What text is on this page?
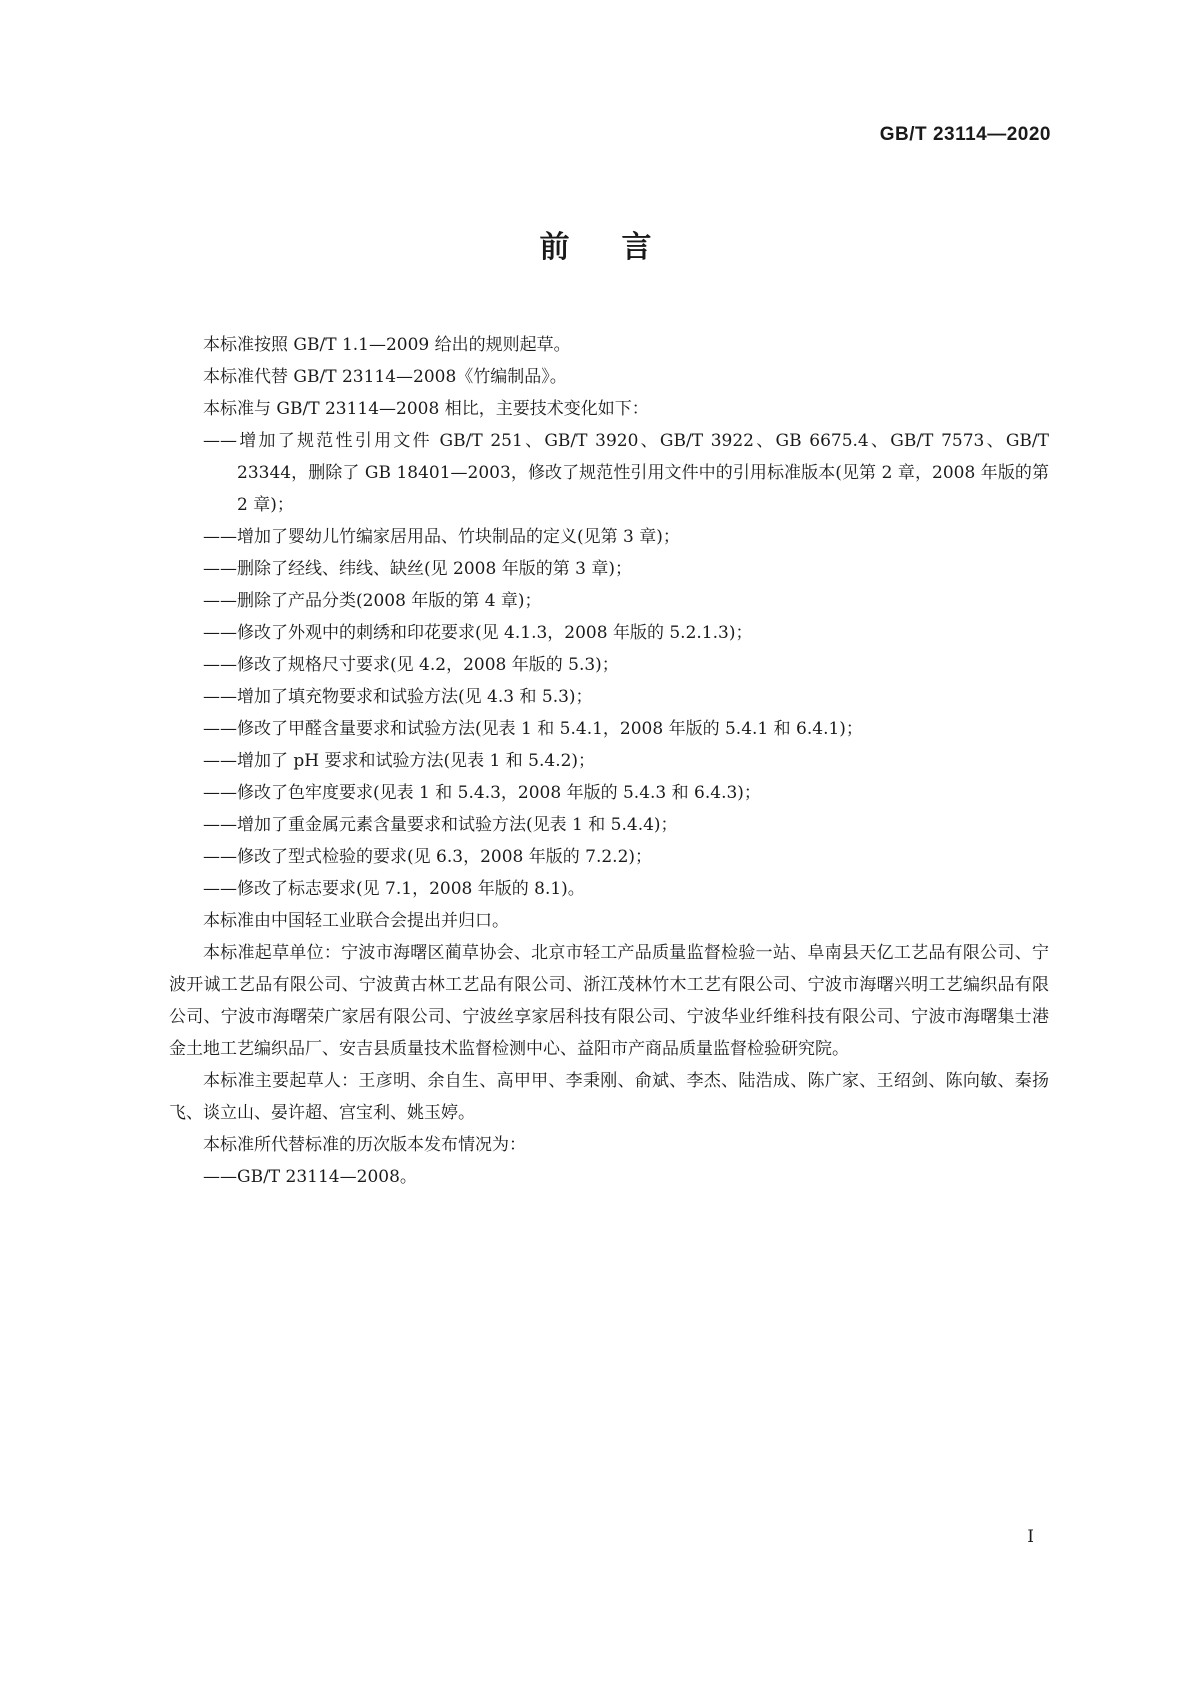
GB/T 23114—2020
前言

本标准按照 GB/T 1.1—2009 给出的规则起草。

本标准代替 GB/T 23114—2008《竹编制品》。

本标准与 GB/T 23114—2008 相比，主要技术变化如下：

——增加了规范性引用文件 GB/T 251、GB/T 3920、GB/T 3922、GB 6675.4、GB/T 7573、GB/T 23344，删除了 GB 18401—2003，修改了规范性引用文件中的引用标准版本(见第 2 章，2008 年版的第 2 章)；

——增加了婴幼儿竹编家居用品、竹块制品的定义(见第 3 章)；

——删除了经线、纬线、缺丝(见 2008 年版的第 3 章)；

——删除了产品分类(2008 年版的第 4 章)；

——修改了外观中的刺绣和印花要求(见 4.1.3，2008 年版的 5.2.1.3)；

——修改了规格尺寸要求(见 4.2，2008 年版的 5.3)；

——增加了填充物要求和试验方法(见 4.3 和 5.3)；

——修改了甲醛含量要求和试验方法(见表 1 和 5.4.1，2008 年版的 5.4.1 和 6.4.1)；

——增加了 pH 要求和试验方法(见表 1 和 5.4.2)；

——修改了色牢度要求(见表 1 和 5.4.3，2008 年版的 5.4.3 和 6.4.3)；

——增加了重金属元素含量要求和试验方法(见表 1 和 5.4.4)；

——修改了型式检验的要求(见 6.3，2008 年版的 7.2.2)；

——修改了标志要求(见 7.1，2008 年版的 8.1)。

本标准由中国轻工业联合会提出并归口。

本标准起草单位：宁波市海曙区蔺草协会、北京市轻工产品质量监督检验一站、阜南县天亿工艺品有限公司、宁波开诚工艺品有限公司、宁波黄古林工艺品有限公司、浙江茂林竹木工艺有限公司、宁波市海曙兴明工艺编织品有限公司、宁波市海曙荣广家居有限公司、宁波丝享家居科技有限公司、宁波华业纤维科技有限公司、宁波市海曙集士港金土地工艺编织品厂、安吉县质量技术监督检测中心、益阳市产商品质量监督检验研究院。

本标准主要起草人：王彦明、余自生、高甲甲、李秉刚、俞斌、李杰、陆浩成、陈广家、王绍剑、陈向敏、秦扬飞、谈立山、晏许超、宫宝利、姚玉婷。

本标准所代替标准的历次版本发布情况为：

——GB/T 23114—2008。

I
